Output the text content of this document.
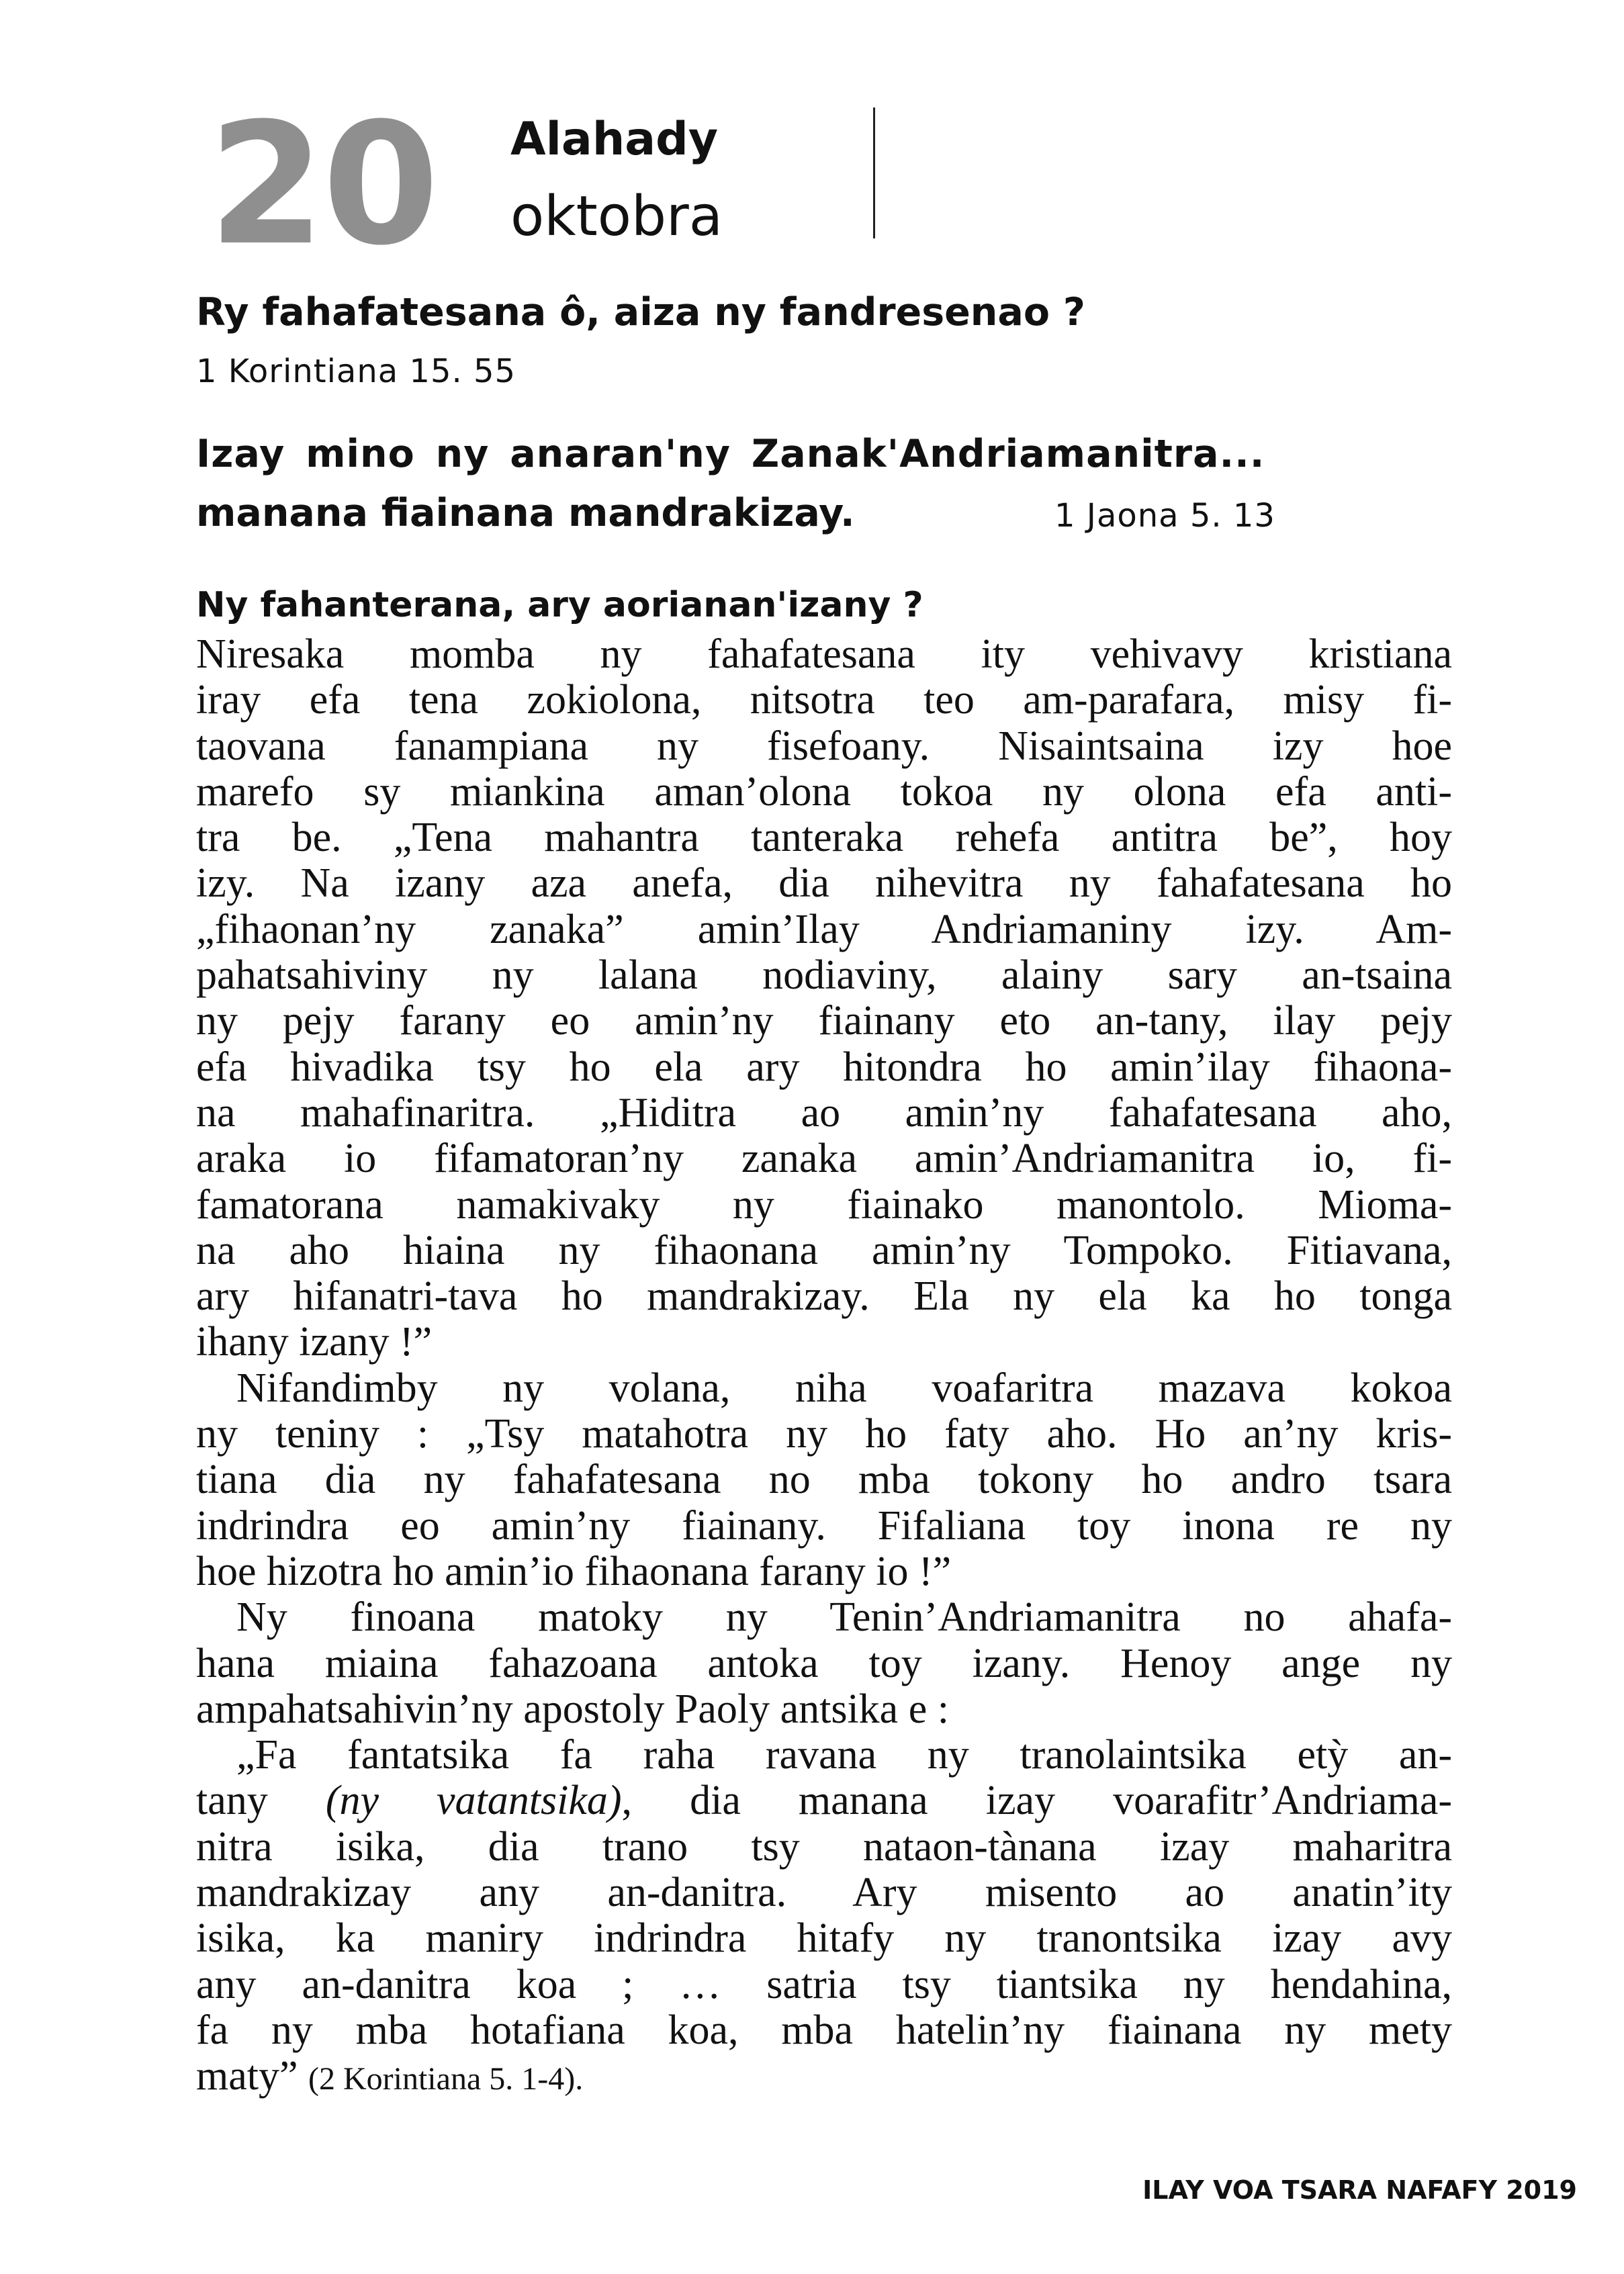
20 Alahady
oktobra
Ry fahafatesana ô, aiza ny fandresenao ?
1 Korintiana 15. 55
Izay mino ny anaran'ny Zanak'Andriamanitra...
manana fiainana mandrakizay.	1 Jaona 5. 13
Ny fahanterana, ary aorianan'izany ?
Niresaka momba ny fahafatesana ity vehivavy kristiana
iray efa tena zokiolona, nitsotra teo am-parafara, misy fi-
taovana fanampiana ny fisefoany. Nisaintsaina izy hoe
marefo sy miankina aman’olona tokoa ny olona efa anti-
tra be. „Tena mahantra tanteraka rehefa antitra be”, hoy
izy. Na izany aza anefa, dia nihevitra ny fahafatesana ho
„fihaonan’ny zanaka” amin’Ilay Andriamaniny izy. Am-
pahatsahiviny ny lalana nodiaviny, alainy sary an-tsaina
ny pejy farany eo amin’ny fiainany eto an-tany, ilay pejy
efa hivadika tsy ho ela ary hitondra ho amin’ilay fihaona-
na mahafinaritra. „Hiditra ao amin’ny fahafatesana aho,
araka io fifamatoran’ny zanaka amin’Andriamanitra io, fi-
famatorana namakivaky ny fiainako manontolo. Mioma-
na aho hiaina ny fihaonana amin’ny Tompoko. Fitiavana,
ary hifanatri-tava ho mandrakizay. Ela ny ela ka ho tonga
ihany izany !”
Nifandimby ny volana, niha voafaritra mazava kokoa
ny teniny : „Tsy matahotra ny ho faty aho. Ho an’ny kris-
tiana dia ny fahafatesana no mba tokony ho andro tsara
indrindra eo amin’ny fiainany. Fifaliana toy inona re ny
hoe hizotra ho amin’io fihaonana farany io !”
Ny finoana matoky ny Tenin’Andriamanitra no ahafa-
hana miaina fahazoana antoka toy izany. Henoy ange ny
ampahatsahivin’ny apostoly Paoly antsika e :
„Fa fantatsika fa raha ravana ny tranolaintsika etỳ an-
tany (ny vatantsika), dia manana izay voarafitr’Andriama-
nitra isika, dia trano tsy nataon-tànana izay maharitra
mandrakizay any an-danitra. Ary misento ao anatin’ity
isika, ka maniry indrindra hitafy ny tranontsika izay avy
any an-danitra koa ; … satria tsy tiantsika ny hendahina,
fa ny mba hotafiana koa, mba hatelin’ny fiainana ny mety
maty” (2 Korintiana 5. 1-4).
ILAY VOA TSARA NAFAFY 2019
